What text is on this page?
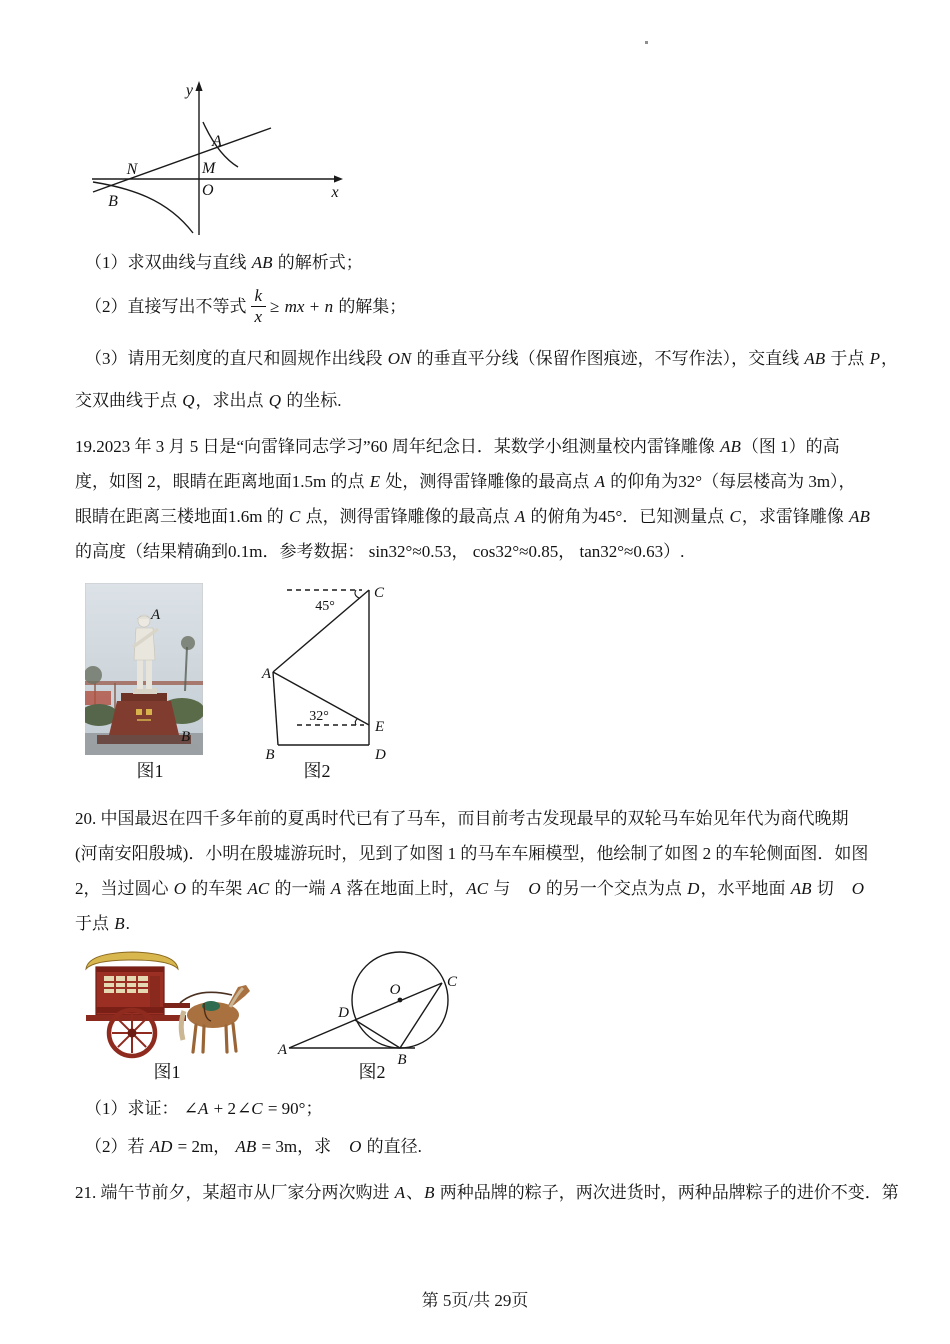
y
x
O
A
M
N
B
（1）求双曲线与直线 AB 的解析式；
（2）直接写出不等式 $\frac{k}{x}$ ≥ mx + n 的解集；
（3）请用无刻度的直尺和圆规作出线段 ON 的垂直平分线（保留作图痕迹，不写作法），交直线 AB 于点 P，
交双曲线于点 Q，求出点 Q 的坐标.
19.2023 年 3 月 5 日是“向雷锋同志学习”60 周年纪念日．某数学小组测量校内雷锋雕像 AB（图 1）的高
度，如图 2，眼睛在距离地面1.5m 的点 E 处，测得雷锋雕像的最高点 A 的仰角为32°（每层楼高为 3m），
眼睛在距离三楼地面1.6m 的 C 点，测得雷锋雕像的最高点 A 的俯角为45°．已知测量点 C，求雷锋雕像 AB
的高度（结果精确到0.1m．参考数据： sin32°≈0.53， cos32°≈0.85， tan32°≈0.63）.
A
B
图1
A
B
C
D
E
45°
32°
图2
20. 中国最迟在四千多年前的夏禹时代已有了马车，而目前考古发现最早的双轮马车始见年代为商代晚期
(河南安阳殷城)．小明在殷墟游玩时，见到了如图 1 的马车车厢模型，他绘制了如图 2 的车轮侧面图．如图
2，当过圆心 O 的车架 AC 的一端 A 落在地面上时，AC 与　O 的另一个交点为点 D，水平地面 AB 切　O
于点 B.
图1
O
A
B
C
D
图2
（1）求证： ∠A + 2∠C = 90°；
（2）若 AD = 2m， AB = 3m，求　O 的直径.
21. 端午节前夕，某超市从厂家分两次购进 A、B 两种品牌的粽子，两次进货时，两种品牌粽子的进价不变．第
第 5页/共 29页
